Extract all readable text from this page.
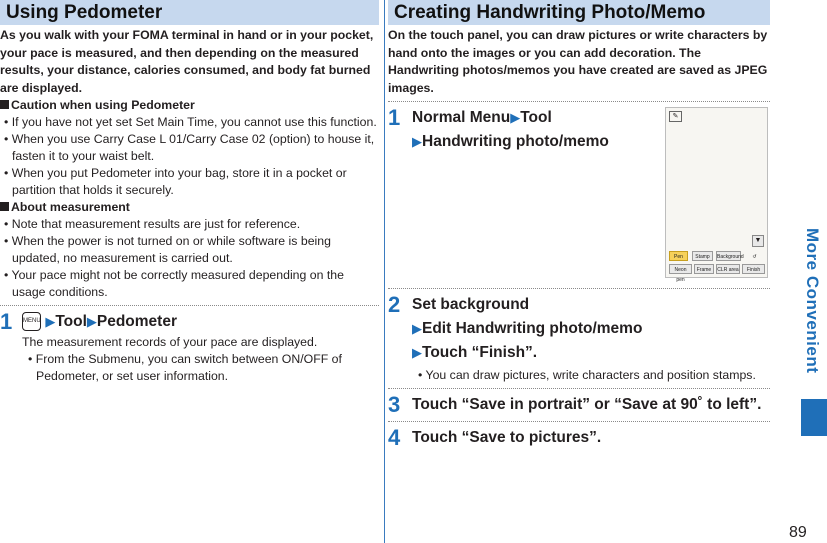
Using Pedometer
As you walk with your FOMA terminal in hand or in your pocket, your pace is measured, and then depending on the measured results, your distance, calories consumed, and body fat burned are displayed.
Caution when using Pedometer
• If you have not yet set Set Main Time, you cannot use this function.
• When you use Carry Case L 01/Carry Case 02 (option) to house it, fasten it to your waist belt.
• When you put Pedometer into your bag, store it in a pocket or partition that holds it securely.
About measurement
• Note that measurement results are just for reference.
• When the power is not turned on or while software is being updated, no measurement is carried out.
• Your pace might not be correctly measured depending on the usage conditions.
1 MENU ▶Tool▶Pedometer
The measurement records of your pace are displayed.
• From the Submenu, you can switch between ON/OFF of Pedometer, or set user information.
Creating Handwriting Photo/Memo
On the touch panel, you can draw pictures or write characters by hand onto the images or you can add decoration. The Handwriting photos/memos you have created are saved as JPEG images.
1 Normal Menu▶Tool
▶Handwriting photo/memo
2 Set background
▶Edit Handwriting photo/memo
▶Touch “Finish”.
• You can draw pictures, write characters and position stamps.
3 Touch “Save in portrait” or “Save at 90˚ to left”.
4 Touch “Save to pictures”.
✎
▼
Pen	Stamp	Background	↺
Neon pen
Frame	CLR area	Finish	More Convenient
89
